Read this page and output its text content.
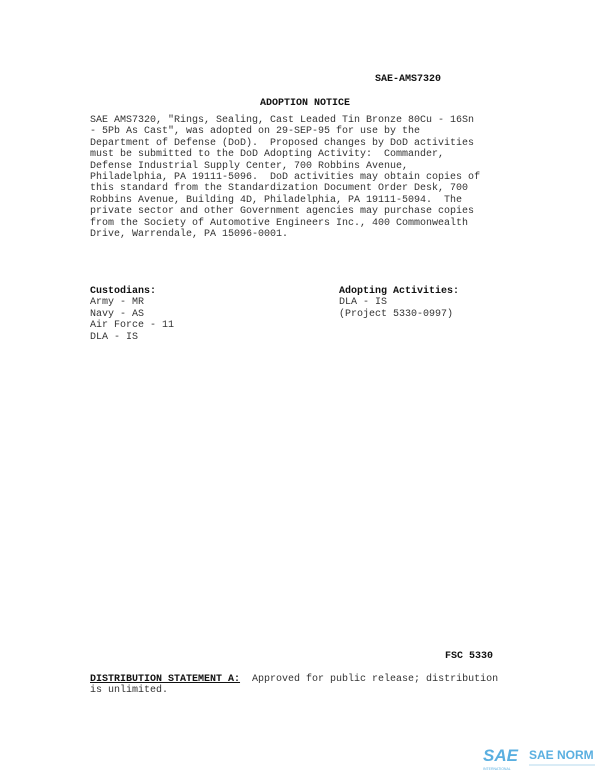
SAE-AMS7320
ADOPTION NOTICE
SAE AMS7320, "Rings, Sealing, Cast Leaded Tin Bronze 80Cu - 16Sn
- 5Pb As Cast", was adopted on 29-SEP-95 for use by the
Department of Defense (DoD).  Proposed changes by DoD activities
must be submitted to the DoD Adopting Activity:  Commander,
Defense Industrial Supply Center, 700 Robbins Avenue,
Philadelphia, PA 19111-5096.  DoD activities may obtain copies of
this standard from the Standardization Document Order Desk, 700
Robbins Avenue, Building 4D, Philadelphia, PA 19111-5094.  The
private sector and other Government agencies may purchase copies
from the Society of Automotive Engineers Inc., 400 Commonwealth
Drive, Warrendale, PA 15096-0001.
Custodians:
Army - MR
Navy - AS
Air Force - 11
DLA - IS
Adopting Activities:
DLA - IS
(Project 5330-0997)
FSC 5330
DISTRIBUTION STATEMENT A:  Approved for public release; distribution
is unlimited.
SAE SAE NORM
INTERNATIONAL
